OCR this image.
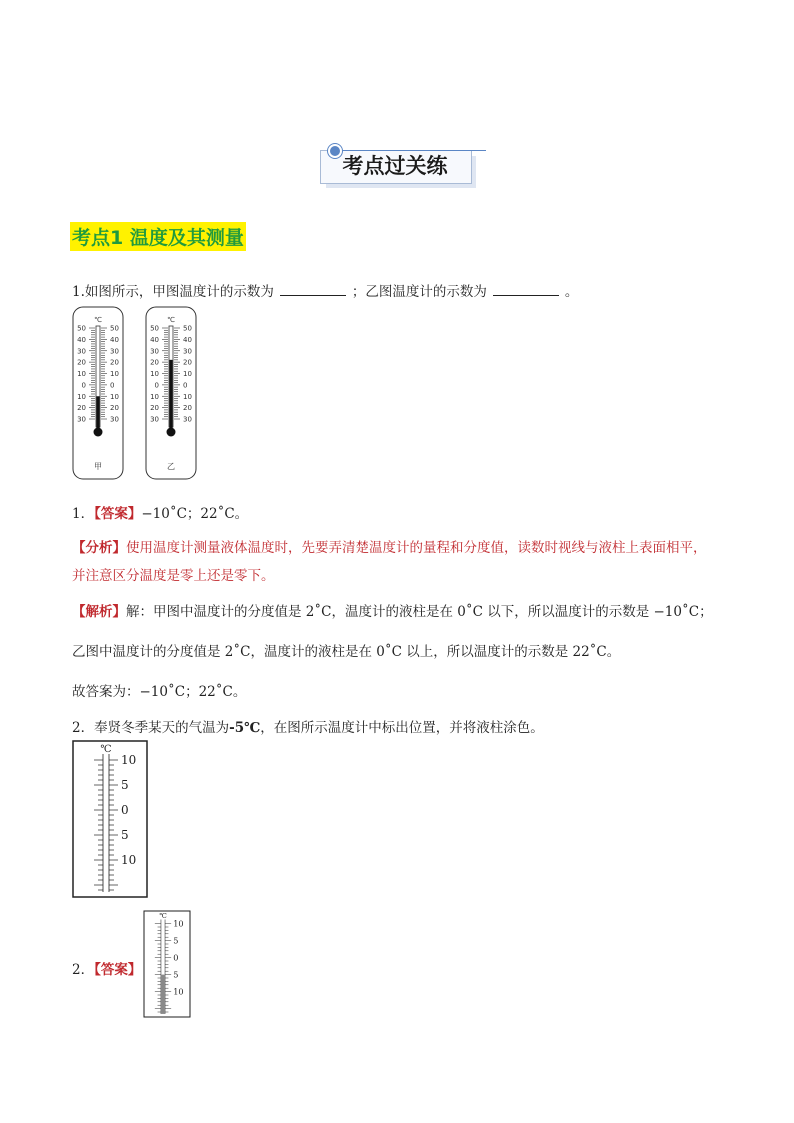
考点过关练
考点1 温度及其测量
1.如图所示，甲图温度计的示数为	；乙图温度计的示数为	。
℃
50	50
40	40
30	30
20	20
10	10
0	0
10	10
20	20
30	30
甲
℃
50	50
40	40
30	30
20	20
10	10
0	0
10	10
20	20
30	30
乙
1．【答案】−10˚C；22˚C。
【分析】使用温度计测量液体温度时，先要弄清楚温度计的量程和分度值，读数时视线与液柱上表面相平，
并注意区分温度是零上还是零下。
【解析】解：甲图中温度计的分度值是 2˚C，温度计的液柱是在 0˚C 以下，所以温度计的示数是 −10˚C；
乙图中温度计的分度值是 2˚C，温度计的液柱是在 0˚C 以上，所以温度计的示数是 22˚C。
故答案为：−10˚C；22˚C。
2．奉贤冬季某天的气温为-5℃，在图所示温度计中标出位置，并将液柱涂色。
℃
10
5
0
5
10
2．【答案】
℃
10
5
0
5
10
